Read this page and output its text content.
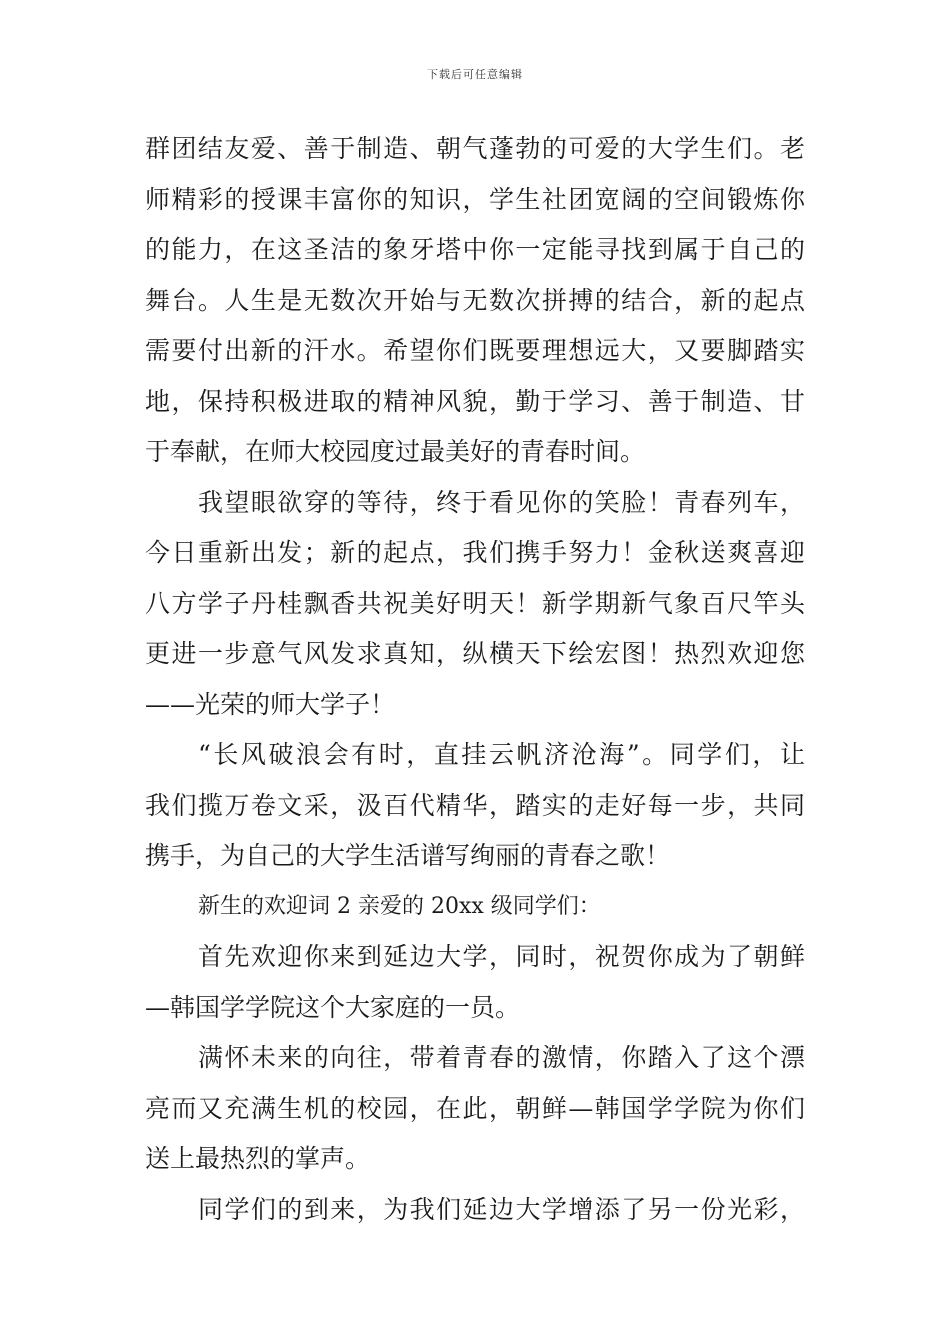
下载后可任意编辑
群团结友爱、善于制造、朝气蓬勃的可爱的大学生们。老
师精彩的授课丰富你的知识，学生社团宽阔的空间锻炼你
的能力，在这圣洁的象牙塔中你一定能寻找到属于自己的
舞台。人生是无数次开始与无数次拼搏的结合，新的起点
需要付出新的汗水。希望你们既要理想远大，又要脚踏实
地，保持积极进取的精神风貌，勤于学习、善于制造、甘
于奉献，在师大校园度过最美好的青春时间。
我望眼欲穿的等待，终于看见你的笑脸！青春列车，
今日重新出发；新的起点，我们携手努力！金秋送爽喜迎
八方学子丹桂飘香共祝美好明天！新学期新气象百尺竿头
更进一步意气风发求真知，纵横天下绘宏图！热烈欢迎您
——光荣的师大学子！
“长风破浪会有时，直挂云帆济沧海”。同学们，让
我们揽万卷文采，汲百代精华，踏实的走好每一步，共同
携手，为自己的大学生活谱写绚丽的青春之歌！
新生的欢迎词 2 亲爱的 20xx 级同学们：
首先欢迎你来到延边大学，同时，祝贺你成为了朝鲜
—韩国学学院这个大家庭的一员。
满怀未来的向往，带着青春的激情，你踏入了这个漂
亮而又充满生机的校园，在此，朝鲜—韩国学学院为你们
送上最热烈的掌声。
同学们的到来，为我们延边大学增添了另一份光彩，
